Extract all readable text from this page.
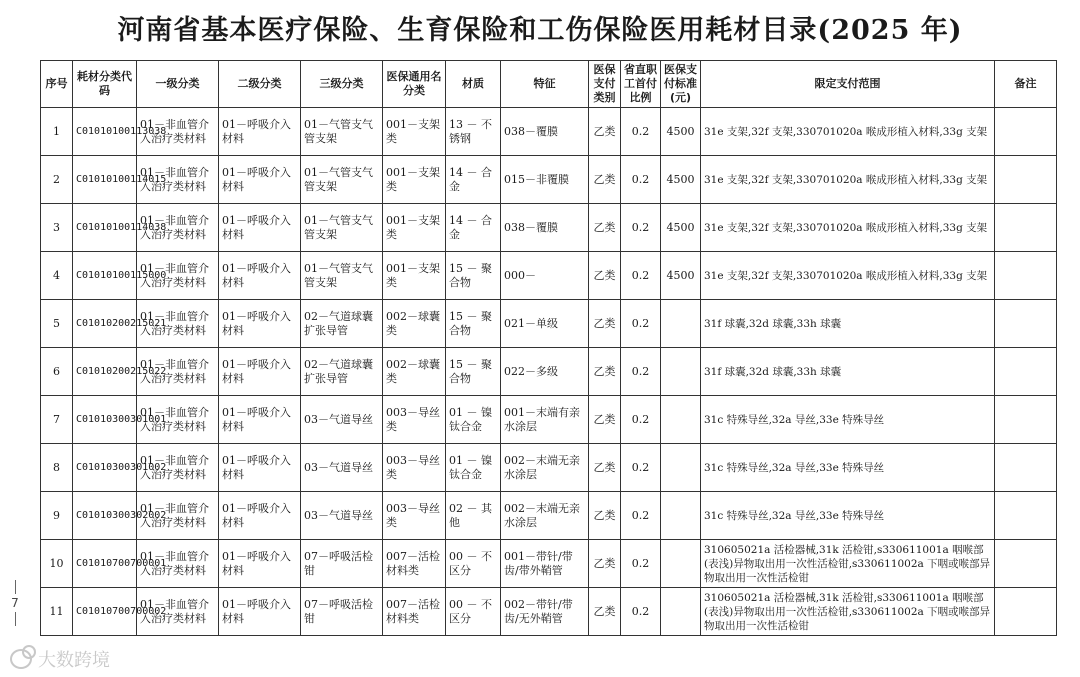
河南省基本医疗保险、生育保险和工伤保险医用耗材目录(2025 年)
序号	耗材分类代码	一级分类	二级分类	三级分类	医保通用名分类	材质	特征	医保支付类别	省直职工首付比例	医保支付标准(元)	限定支付范围	备注
1	C01010100113038	01－非血管介入治疗类材料	01－呼吸介入材料	01－气管支气管支架	001－支架类	13 － 不锈钢	038－覆膜	乙类	0.2	4500	31e 支架,32f 支架,330701020a 喉成形植入材料,33g 支架	
2	C01010100114015	01－非血管介入治疗类材料	01－呼吸介入材料	01－气管支气管支架	001－支架类	14 － 合金	015－非覆膜	乙类	0.2	4500	31e 支架,32f 支架,330701020a 喉成形植入材料,33g 支架	
3	C01010100114038	01－非血管介入治疗类材料	01－呼吸介入材料	01－气管支气管支架	001－支架类	14 － 合金	038－覆膜	乙类	0.2	4500	31e 支架,32f 支架,330701020a 喉成形植入材料,33g 支架	
4	C01010100115000	01－非血管介入治疗类材料	01－呼吸介入材料	01－气管支气管支架	001－支架类	15 － 聚合物	000－	乙类	0.2	4500	31e 支架,32f 支架,330701020a 喉成形植入材料,33g 支架	
5	C01010200215021	01－非血管介入治疗类材料	01－呼吸介入材料	02－气道球囊扩张导管	002－球囊类	15 － 聚合物	021－单级	乙类	0.2		31f 球囊,32d 球囊,33h 球囊	
6	C01010200215022	01－非血管介入治疗类材料	01－呼吸介入材料	02－气道球囊扩张导管	002－球囊类	15 － 聚合物	022－多级	乙类	0.2		31f 球囊,32d 球囊,33h 球囊	
7	C01010300301001	01－非血管介入治疗类材料	01－呼吸介入材料	03－气道导丝	003－导丝类	01 － 镍钛合金	001－末端有亲水涂层	乙类	0.2		31c 特殊导丝,32a 导丝,33e 特殊导丝	
8	C01010300301002	01－非血管介入治疗类材料	01－呼吸介入材料	03－气道导丝	003－导丝类	01 － 镍钛合金	002－末端无亲水涂层	乙类	0.2		31c 特殊导丝,32a 导丝,33e 特殊导丝	
9	C01010300302002	01－非血管介入治疗类材料	01－呼吸介入材料	03－气道导丝	003－导丝类	02 － 其他	002－末端无亲水涂层	乙类	0.2		31c 特殊导丝,32a 导丝,33e 特殊导丝	
10	C01010700700001	01－非血管介入治疗类材料	01－呼吸介入材料	07－呼吸活检钳	007－活检材料类	00 － 不区分	001－带针/带齿/带外鞘管	乙类	0.2		310605021a 活检器械,31k 活检钳,s330611001a 咽喉部(表浅)异物取出用一次性活检钳,s330611002a 下咽或喉部异物取出用一次性活检钳	
11	C01010700700002	01－非血管介入治疗类材料	01－呼吸介入材料	07－呼吸活检钳	007－活检材料类	00 － 不区分	002－带针/带齿/无外鞘管	乙类	0.2		310605021a 活检器械,31k 活检钳,s330611001a 咽喉部(表浅)异物取出用一次性活检钳,s330611002a 下咽或喉部异物取出用一次性活检钳	
7
大数跨境
